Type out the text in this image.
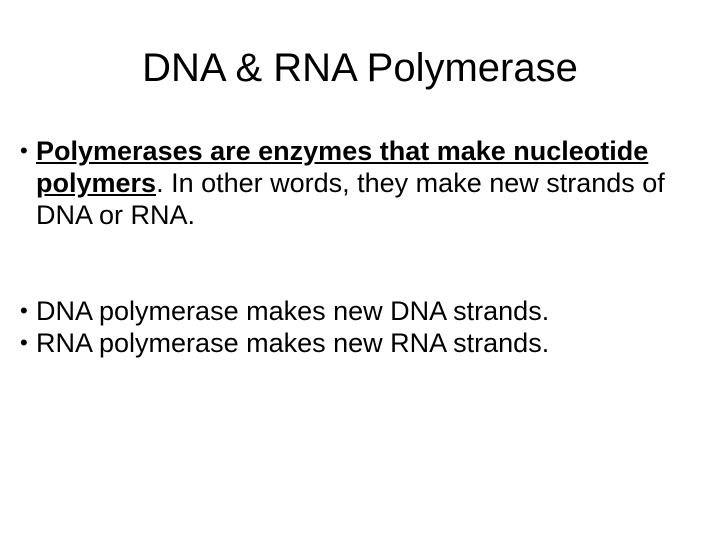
DNA & RNA Polymerase
•
Polymerases are enzymes that make nucleotide polymers. In other words, they make new strands of DNA or RNA.
•
DNA polymerase makes new DNA strands.
•
RNA polymerase makes new RNA strands.
